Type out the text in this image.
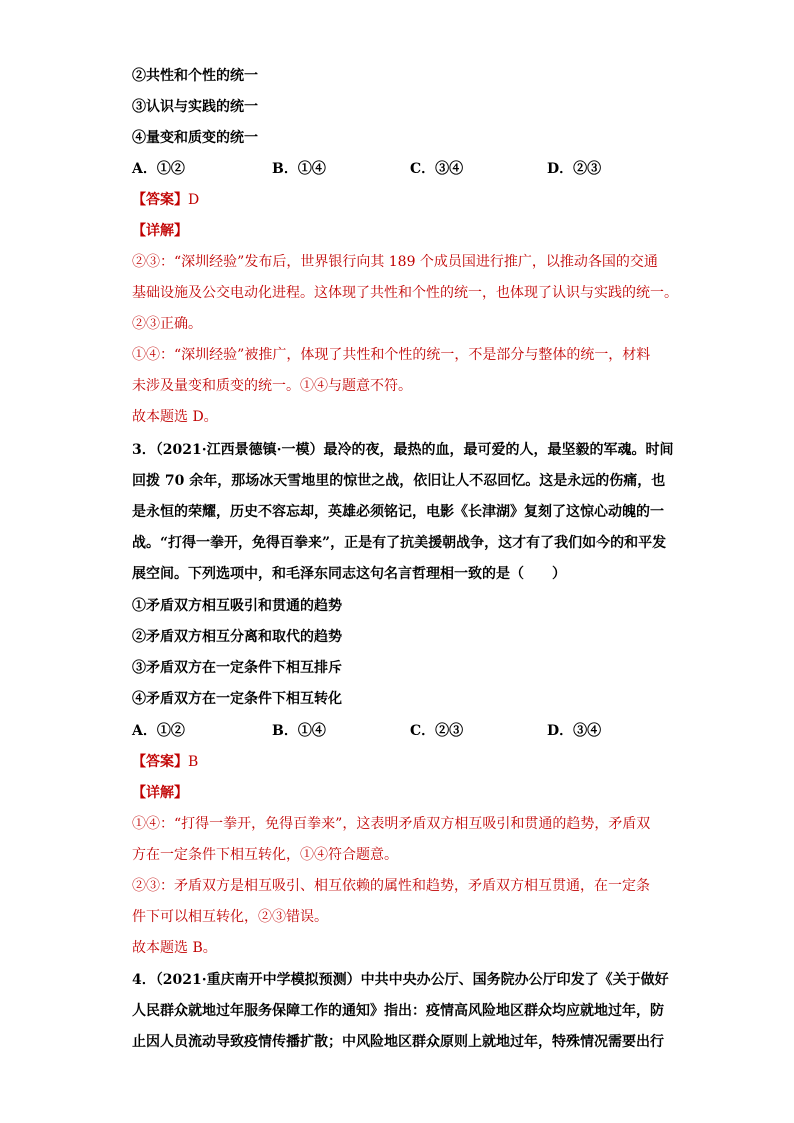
②共性和个性的统一
③认识与实践的统一
④量变和质变的统一
A．①②	B．①④	C．③④	D．②③
【答案】D
【详解】
②③：“深圳经验”发布后，世界银行向其 189 个成员国进行推广，以推动各国的交通
基础设施及公交电动化进程。这体现了共性和个性的统一，也体现了认识与实践的统一。
②③正确。
①④：“深圳经验”被推广，体现了共性和个性的统一，不是部分与整体的统一，材料
未涉及量变和质变的统一。①④与题意不符。
故本题选 D。
3．（2021·江西景德镇·一模）最冷的夜，最热的血，最可爱的人，最坚毅的军魂。时间
回拨 70 余年，那场冰天雪地里的惊世之战，依旧让人不忍回忆。这是永远的伤痛，也
是永恒的荣耀，历史不容忘却，英雄必须铭记，电影《长津湖》复刻了这惊心动魄的一
战。“打得一拳开，免得百拳来”，正是有了抗美援朝战争，这才有了我们如今的和平发
展空间。下列选项中，和毛泽东同志这句名言哲理相一致的是（　　）
①矛盾双方相互吸引和贯通的趋势
②矛盾双方相互分离和取代的趋势
③矛盾双方在一定条件下相互排斥
④矛盾双方在一定条件下相互转化
A．①②	B．①④	C．②③	D．③④
【答案】B
【详解】
①④：“打得一拳开，免得百拳来”，这表明矛盾双方相互吸引和贯通的趋势，矛盾双
方在一定条件下相互转化，①④符合题意。
②③：矛盾双方是相互吸引、相互依赖的属性和趋势，矛盾双方相互贯通，在一定条
件下可以相互转化，②③错误。
故本题选 B。
4．（2021·重庆南开中学模拟预测）中共中央办公厅、国务院办公厅印发了《关于做好
人民群众就地过年服务保障工作的通知》指出：疫情高风险地区群众均应就地过年，防
止因人员流动导致疫情传播扩散；中风险地区群众原则上就地过年，特殊情况需要出行
